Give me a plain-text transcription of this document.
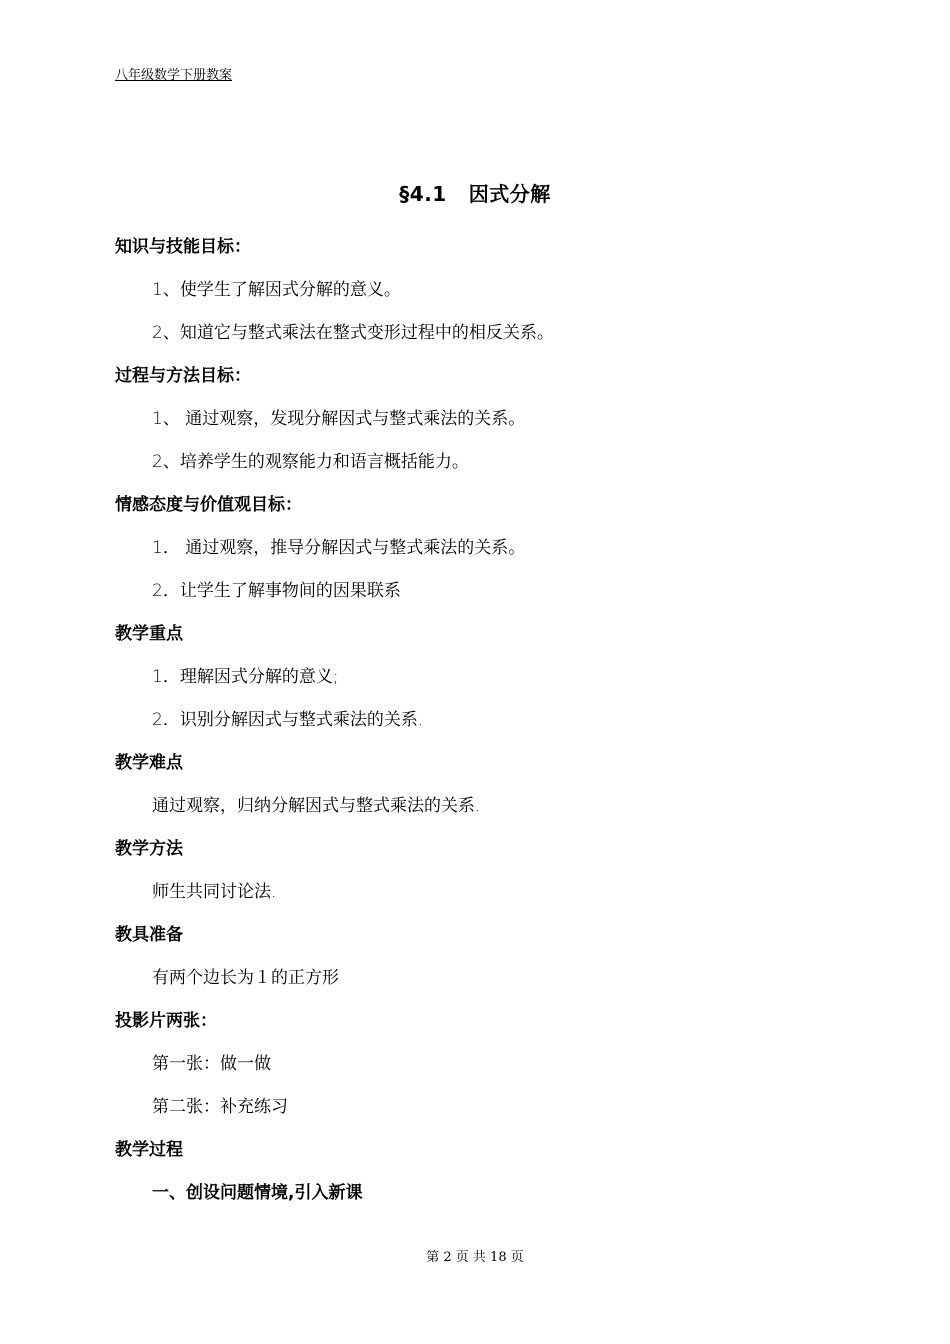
八年级数学下册教案
§4.1 因式分解
知识与技能目标：
1、使学生了解因式分解的意义。
2、知道它与整式乘法在整式变形过程中的相反关系。
过程与方法目标：
1、 通过观察，发现分解因式与整式乘法的关系。
2、培养学生的观察能力和语言概括能力。
情感态度与价值观目标：
1． 通过观察，推导分解因式与整式乘法的关系。
2．让学生了解事物间的因果联系
教学重点
1．理解因式分解的意义;
2．识别分解因式与整式乘法的关系.
教学难点
通过观察，归纳分解因式与整式乘法的关系.
教学方法
师生共同讨论法.
教具准备
有两个边长为１的正方形
投影片两张：
第一张：做一做
第二张：补充练习
教学过程
一、创设问题情境,引入新课
第 2 页 共 18 页
